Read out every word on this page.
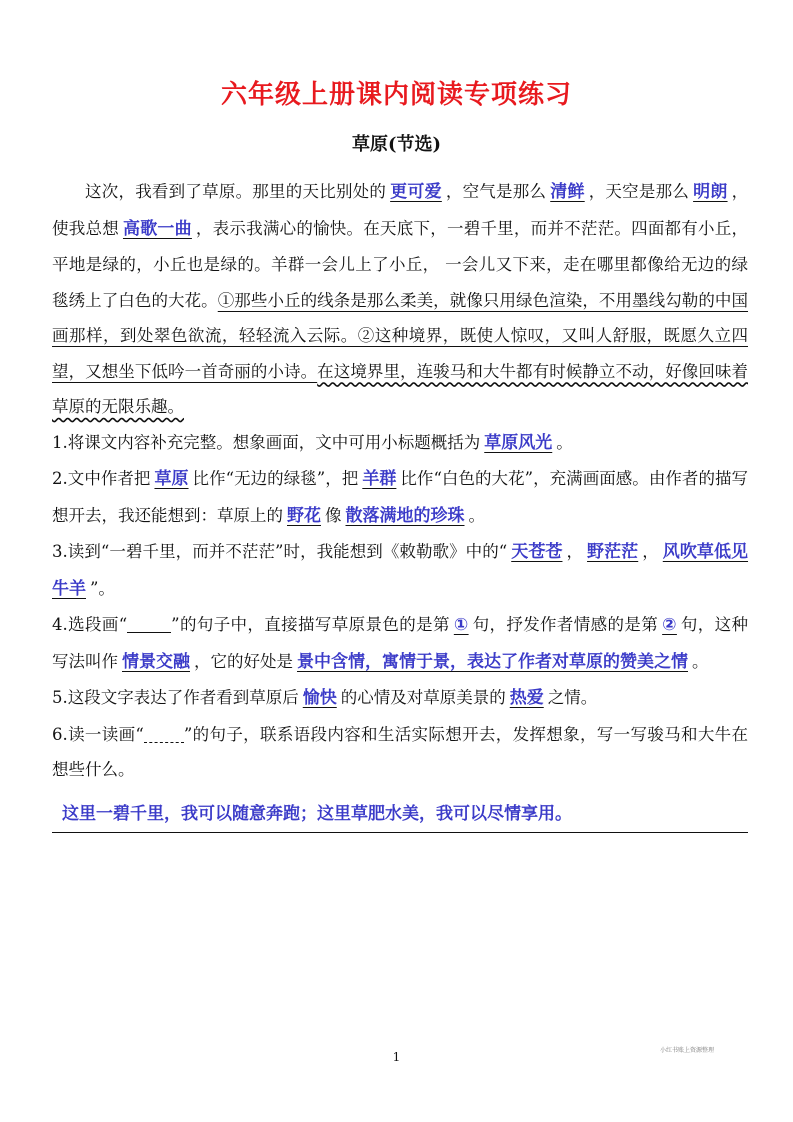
六年级上册课内阅读专项练习
草原(节选)

这次，我看到了草原。那里的天比别处的 更可爱 ，空气是那么 清鲜 ，天空是那么 明朗 ，使我总想 高歌一曲 ，表示我满心的愉快。在天底下，一碧千里，而并不茫茫。四面都有小丘，平地是绿的，小丘也是绿的。羊群一会儿上了小丘， 一会儿又下来，走在哪里都像给无边的绿毯绣上了白色的大花。①那些小丘的线条是那么柔美，就像只用绿色渲染，不用墨线勾勒的中国画那样，到处翠色欲流，轻轻流入云际。②这种境界，既使人惊叹，又叫人舒服，既愿久立四望，又想坐下低吟一首奇丽的小诗。在这境界里，连骏马和大牛都有时候静立不动，好像回味着草原的无限乐趣。

1.将课文内容补充完整。想象画面，文中可用小标题概括为 草原风光 。

2.文中作者把 草原 比作“无边的绿毯”，把 羊群 比作“白色的大花”，充满画面感。由作者的描写想开去，我还能想到：草原上的 野花 像 散落满地的珍珠 。

3.读到“一碧千里，而并不茫茫”时，我能想到《敕勒歌》中的“ 天苍苍 ， 野茫茫 ， 风吹草低见牛羊 ”。

4.选段画“	”的句子中，直接描写草原景色的是第 ① 句，抒发作者情感的是第 ② 句，这种写法叫作 情景交融 ，它的好处是 景中含情，寓情于景，表达了作者对草原的赞美之情 。

5.这段文字表达了作者看到草原后 愉快 的心情及对草原美景的 热爱 之情。

6.读一读画“ ”的句子，联系语段内容和生活实际想开去，发挥想象，写一写骏马和大牛在想些什么。

这里一碧千里，我可以随意奔跑；这里草肥水美，我可以尽情享用。
小红书账上资源整理
1
